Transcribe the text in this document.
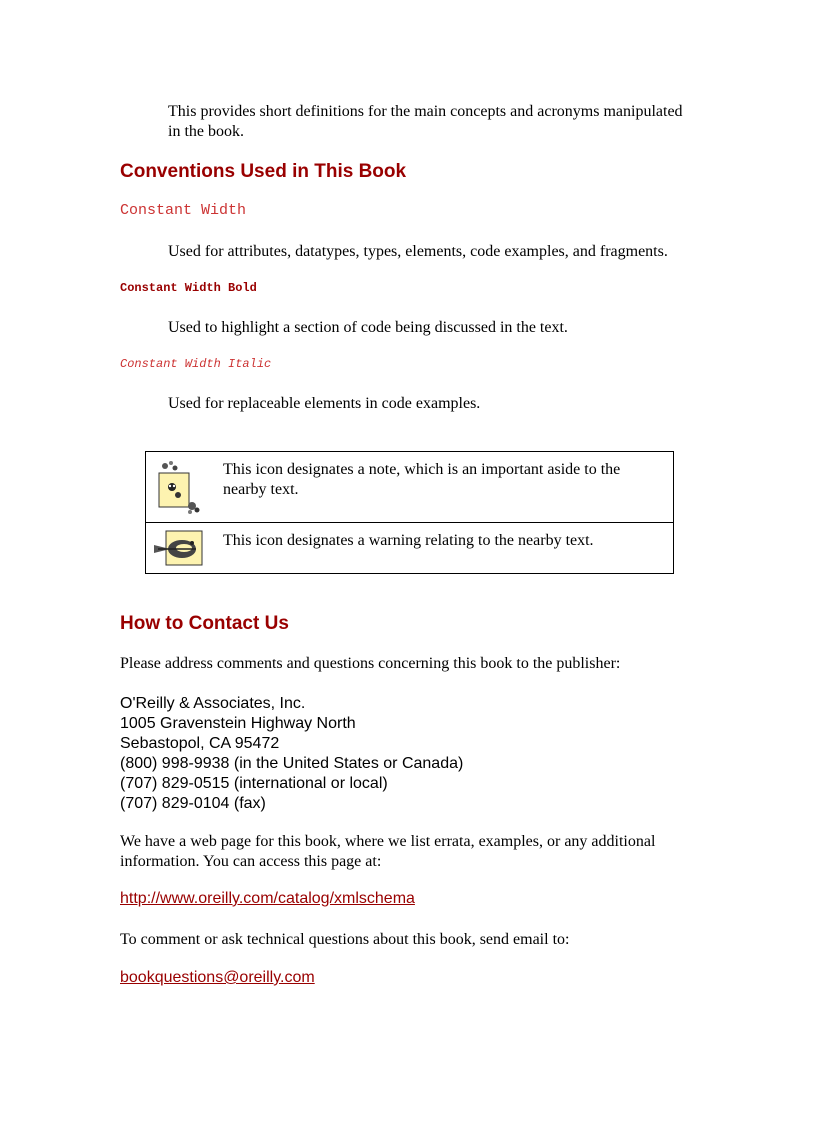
This provides short definitions for the main concepts and acronyms manipulated in the book.
Conventions Used in This Book
Constant Width
Used for attributes, datatypes, types, elements, code examples, and fragments.
Constant Width Bold
Used to highlight a section of code being discussed in the text.
Constant Width Italic
Used for replaceable elements in code examples.
This icon designates a note, which is an important aside to the nearby text.
This icon designates a warning relating to the nearby text.
How to Contact Us
Please address comments and questions concerning this book to the publisher:
O'Reilly & Associates, Inc.
1005 Gravenstein Highway North
Sebastopol, CA 95472
(800) 998-9938 (in the United States or Canada)
(707) 829-0515 (international or local)
(707) 829-0104 (fax)
We have a web page for this book, where we list errata, examples, or any additional information. You can access this page at:
http://www.oreilly.com/catalog/xmlschema
To comment or ask technical questions about this book, send email to:
bookquestions@oreilly.com
